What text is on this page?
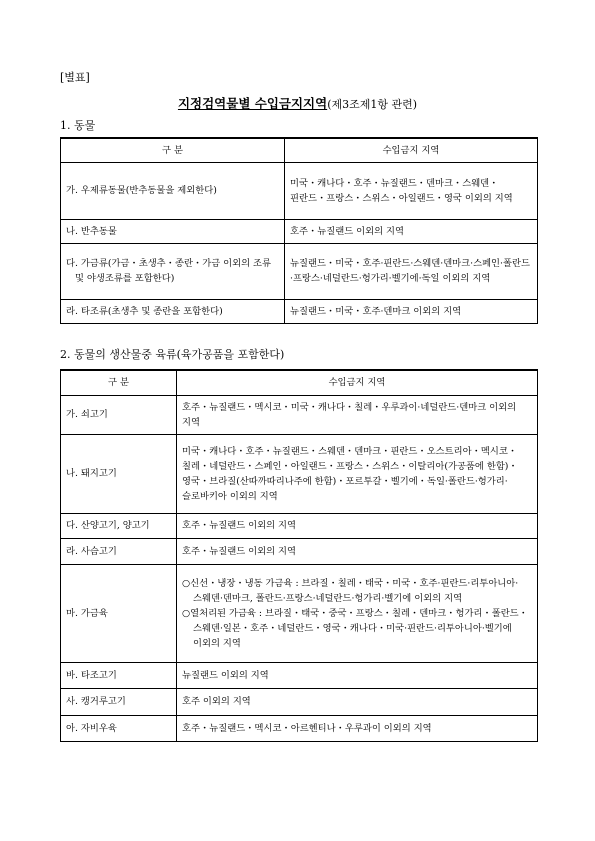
[별표]
지정검역물별 수입금지지역(제3조제1항 관련)
1. 동물
구 분	수입금지 지역
가. 우제류동물(반추동물을 제외한다)	미국・캐나다・호주・뉴질랜드・덴마크・스웨덴・핀란드・프랑스・스위스・아일랜드・영국 이외의 지역
나. 반추동물	호주・뉴질랜드 이외의 지역
다. 가금류(가금・초생추・종란・가금 이외의 조류 및 야생조류를 포함한다)	뉴질랜드・미국・호주·핀란드·스웨덴·덴마크·스페인·폴란드·프랑스·네덜란드·헝가리·벨기에·독일 이외의 지역
라. 타조류(초생추 및 종란을 포함한다)	뉴질랜드・미국・호주·덴마크 이외의 지역
2. 동물의 생산물중 육류(육가공품을 포함한다)
구 분	수입금지 지역
가. 쇠고기	호주・뉴질랜드・멕시코・미국・캐나다・칠레・우루과이·네덜란드·덴마크 이외의 지역
나. 돼지고기	미국・캐나다・호주・뉴질랜드・스웨덴・덴마크・핀란드・오스트리아・멕시코・칠레・네덜란드・스페인・아일랜드・프랑스・스위스・이탈리아(가공품에 한함)・영국・브라질(산따까따리나주에 한함)・포르투갈・벨기에・독일·폴란드·헝가리·슬로바키아 이외의 지역
다. 산양고기, 양고기	호주・뉴질랜드 이외의 지역
라. 사슴고기	호주・뉴질랜드 이외의 지역
마. 가금육	○신선・냉장・냉동 가금육 : 브라질・칠레・태국・미국・호주·핀란드·리투아니아·스웨덴·덴마크, 폴란드·프랑스·네덜란드·헝가리·벨기에 이외의 지역
○열처리된 가금육 : 브라질・태국・중국・프랑스・칠레・덴마크・헝가리・폴란드・스웨덴·일본・호주・네덜란드・영국・캐나다・미국·핀란드·리투아니아·벨기에 이외의 지역

바. 타조고기	뉴질랜드 이외의 지역
사. 캥거루고기	호주 이외의 지역
아. 자비우육	호주・뉴질랜드・멕시코・아르헨티나・우루과이 이외의 지역
